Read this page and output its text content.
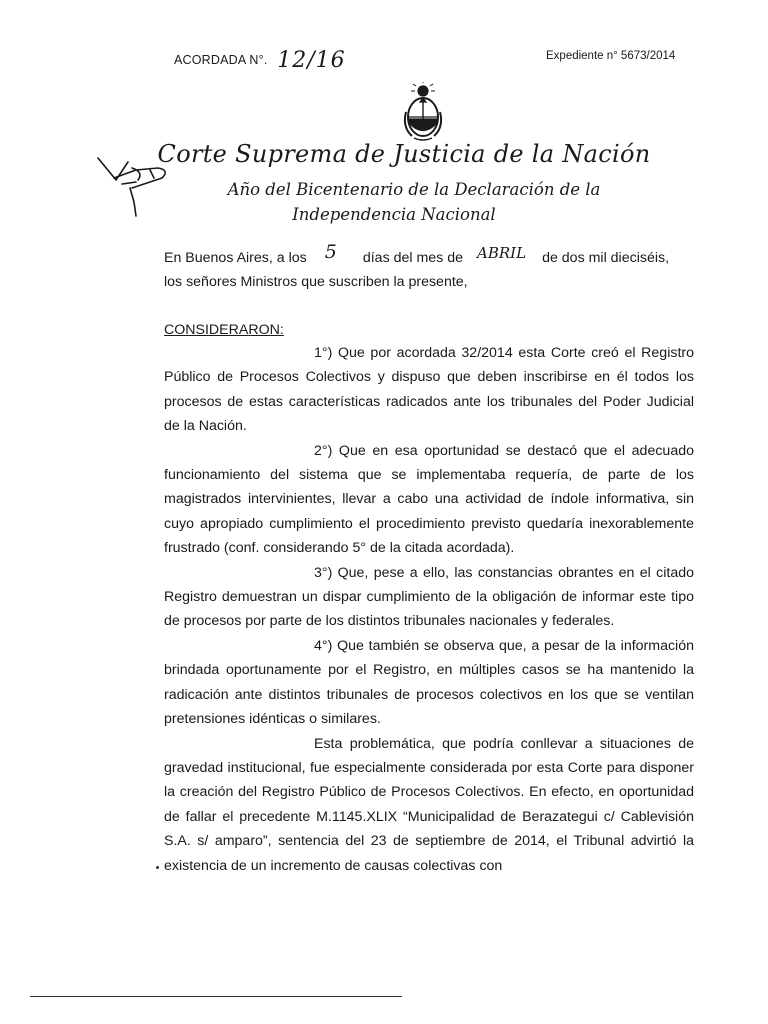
ACORDADA N°. 12/16	Expediente n° 5673/2014
Corte Suprema de Justicia de la Nación
Año del Bicentenario de la Declaración de la
Independencia Nacional
En Buenos Aires, a los 5 días del mes de ABRIL de dos mil dieciséis,
los señores Ministros que suscriben la presente,
CONSIDERARON:

1°) Que por acordada 32/2014 esta Corte creó el Registro Público de Procesos Colectivos y dispuso que deben inscribirse en él todos los procesos de estas características radicados ante los tribunales del Poder Judicial de la Nación.

2°) Que en esa oportunidad se destacó que el adecuado funcionamiento del sistema que se implementaba requería, de parte de los magistrados intervinientes, llevar a cabo una actividad de índole informativa, sin cuyo apropiado cumplimiento el procedimiento previsto quedaría inexorablemente frustrado (conf. considerando 5° de la citada acordada).

3°) Que, pese a ello, las constancias obrantes en el citado Registro demuestran un dispar cumplimiento de la obligación de informar este tipo de procesos por parte de los distintos tribunales nacionales y federales.

4°) Que también se observa que, a pesar de la información brindada oportunamente por el Registro, en múltiples casos se ha mantenido la radicación ante distintos tribunales de procesos colectivos en los que se ventilan pretensiones idénticas o similares.

Esta problemática, que podría conllevar a situaciones de gravedad institucional, fue especialmente considerada por esta Corte para disponer la creación del Registro Público de Procesos Colectivos. En efecto, en oportunidad de fallar el precedente M.1145.XLIX “Municipalidad de Berazategui c/ Cablevisión S.A. s/ amparo”, sentencia del 23 de septiembre de 2014, el Tribunal advirtió la existencia de un incremento de causas colectivas con
